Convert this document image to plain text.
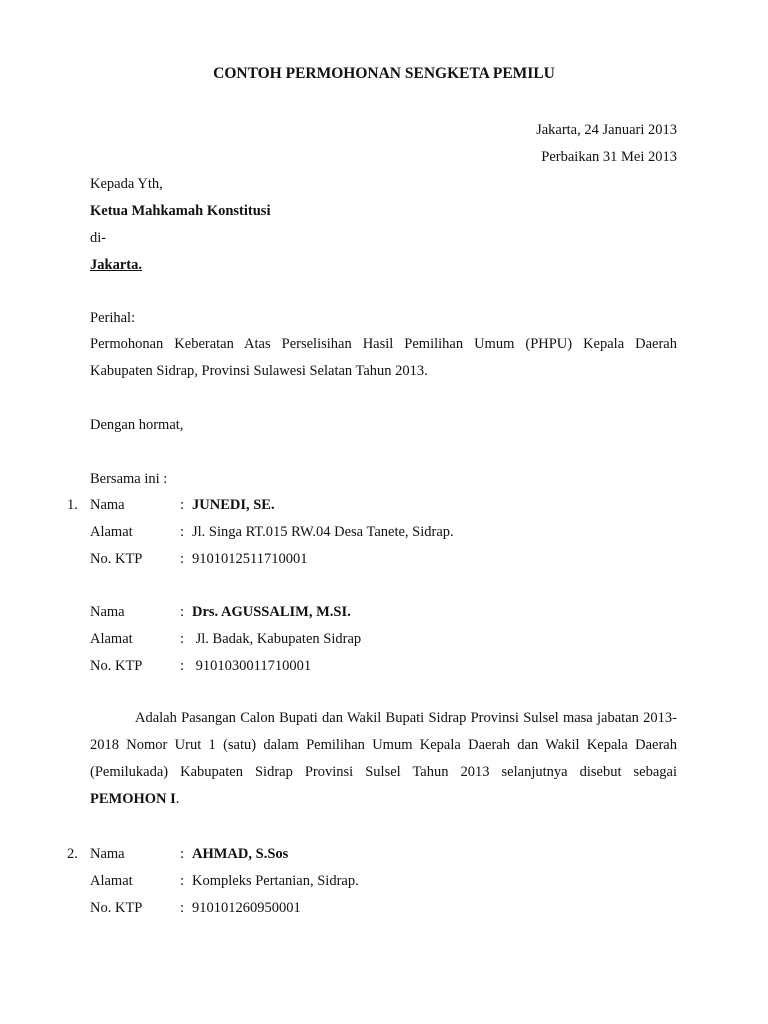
CONTOH PERMOHONAN SENGKETA PEMILU
Jakarta, 24 Januari 2013
Perbaikan 31 Mei 2013
Kepada Yth,
Ketua Mahkamah Konstitusi
di-
Jakarta.
Perihal:
Permohonan Keberatan Atas Perselisihan Hasil Pemilihan Umum (PHPU) Kepala Daerah Kabupaten Sidrap, Provinsi Sulawesi Selatan Tahun 2013.
Dengan hormat,
Bersama ini :
1. Nama	: JUNEDI, SE.
Alamat	: Jl. Singa RT.015 RW.04 Desa Tanete, Sidrap.
No. KTP	: 9101012511710001
Nama	: Drs. AGUSSALIM, M.SI.
Alamat	: Jl. Badak, Kabupaten Sidrap
No. KTP	: 9101030011710001
Adalah Pasangan Calon Bupati dan Wakil Bupati Sidrap Provinsi Sulsel masa jabatan 2013-2018 Nomor Urut 1 (satu) dalam Pemilihan Umum Kepala Daerah dan Wakil Kepala Daerah (Pemilukada) Kabupaten Sidrap Provinsi Sulsel Tahun 2013 selanjutnya disebut sebagai PEMOHON I.
2. Nama	: AHMAD, S.Sos
Alamat	: Kompleks Pertanian, Sidrap.
No. KTP	: 910101260950001
